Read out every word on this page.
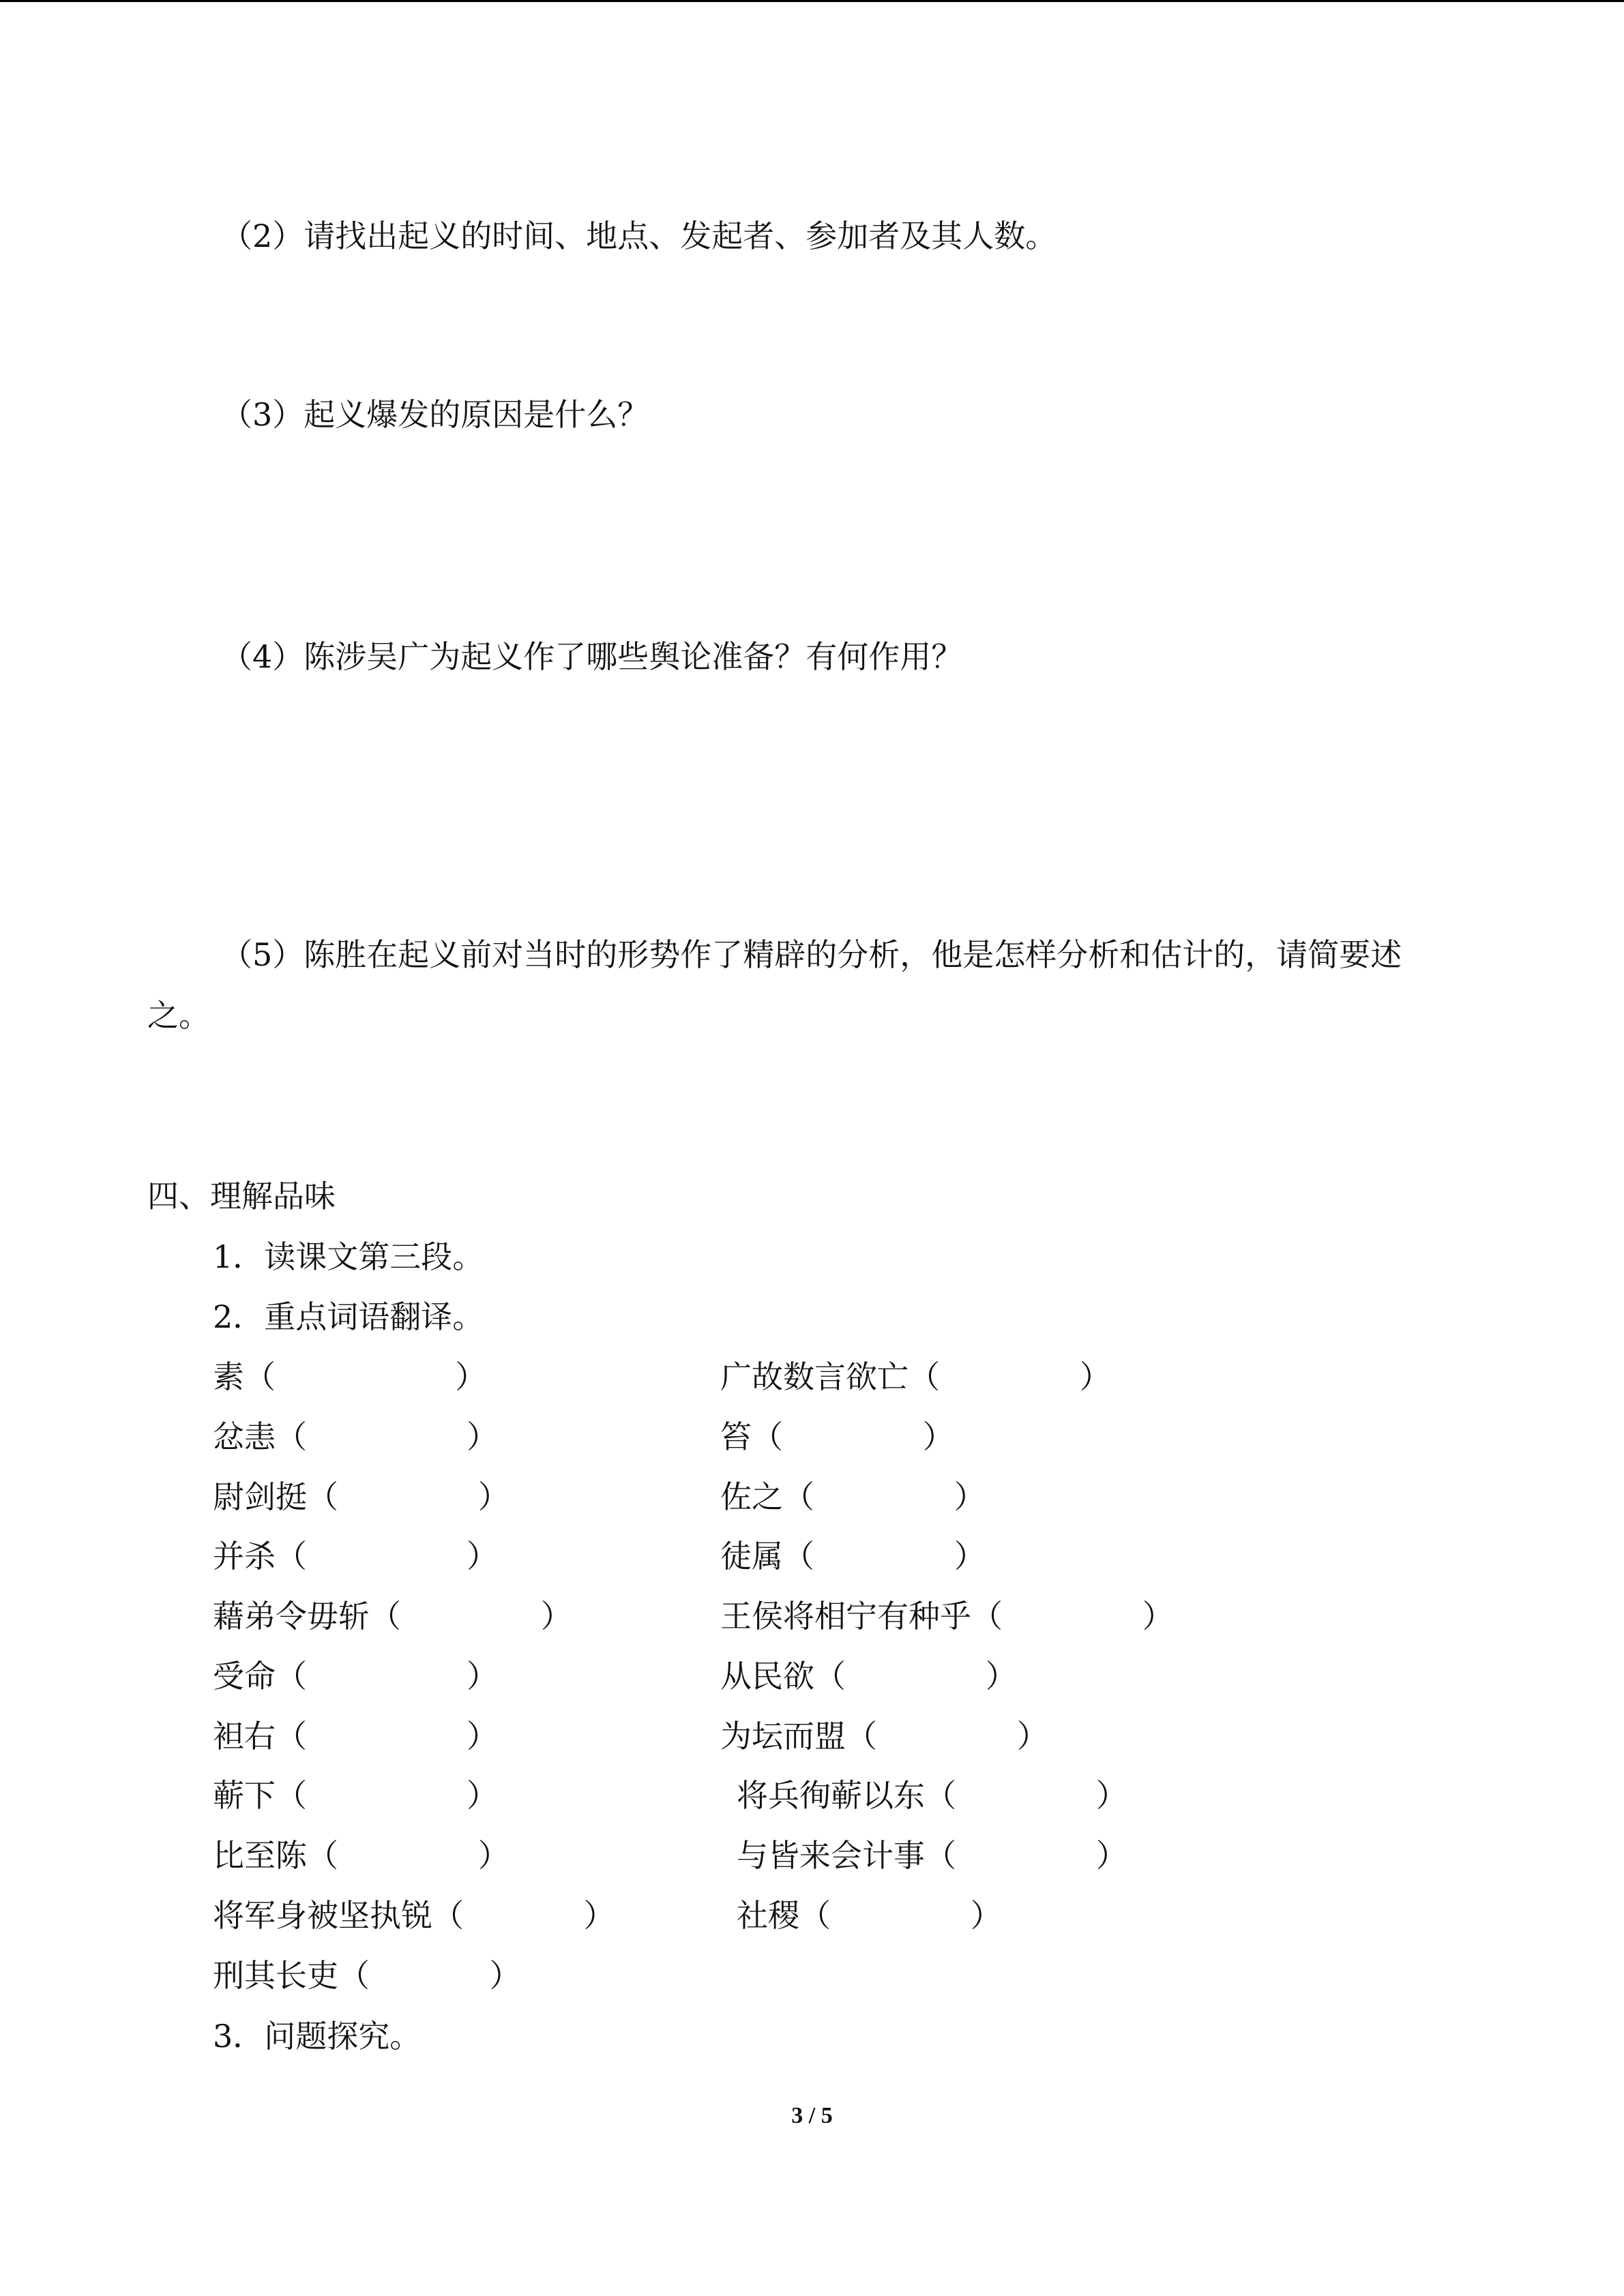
（2）请找出起义的时间、地点、发起者、参加者及其人数。
（3）起义爆发的原因是什么？
（4）陈涉吴广为起义作了哪些舆论准备？有何作用？
（5）陈胜在起义前对当时的形势作了精辟的分析，他是怎样分析和估计的，请简要述
之。
四、理解品味
1．读课文第三段。
2．重点词语翻译。
素（                  ）
忿恚（                ）
尉剑挺（              ）
并杀（                ）
藉弟令毋斩（              ）
受命（                ）
袒右（                ）
蕲下（                ）
比至陈（              ）
将军身被坚执锐（            ）
刑其长吏（            ）
广故数言欲亡（              ）
笞（              ）
佐之（              ）
徒属（              ）
王侯将相宁有种乎（              ）
从民欲（              ）
为坛而盟（              ）
将兵徇蕲以东（              ）
与皆来会计事（              ）
社稷（              ）
3．问题探究。
3 / 5
